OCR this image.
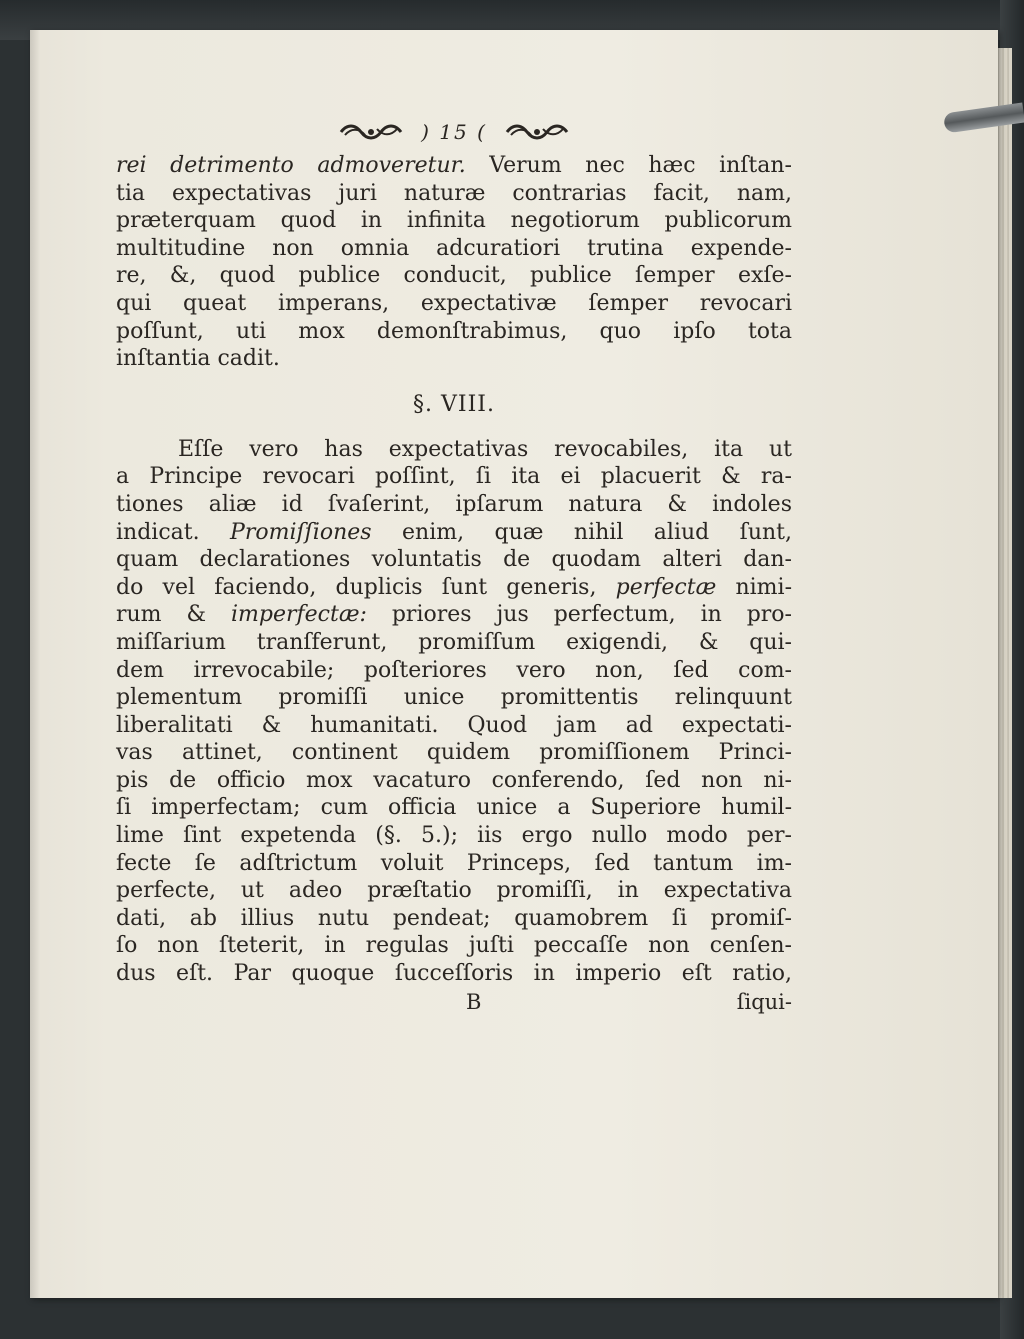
) 15 (
rei detrimento admoveretur. Verum nec hæc inſtan-
tia expectativas juri naturæ contrarias facit, nam,
præterquam quod in infinita negotiorum publicorum
multitudine non omnia adcuratiori trutina expende-
re, &, quod publice conducit, publice ſemper exſe-
qui queat imperans, expectativæ ſemper revocari
poſſunt, uti mox demonſtrabimus, quo ipſo tota
inſtantia cadit.
§. VIII.
Eſſe vero has expectativas revocabiles, ita ut
a Principe revocari poſſint, ſi ita ei placuerit & ra-
tiones aliæ id ſvaſerint, ipſarum natura & indoles
indicat. Promiſſiones enim, quæ nihil aliud ſunt,
quam declarationes voluntatis de quodam alteri dan-
do vel faciendo, duplicis ſunt generis, perfectæ nimi-
rum & imperfectæ: priores jus perfectum, in pro-
miſſarium tranſferunt, promiſſum exigendi, & qui-
dem irrevocabile; poſteriores vero non, ſed com-
plementum promiſſi unice promittentis relinquunt
liberalitati & humanitati. Quod jam ad expectati-
vas attinet, continent quidem promiſſionem Princi-
pis de officio mox vacaturo conferendo, ſed non ni-
ſi imperfectam; cum officia unice a Superiore humil-
lime ſint expetenda (§. 5.); iis ergo nullo modo per-
fecte ſe adſtrictum voluit Princeps, ſed tantum im-
perfecte, ut adeo præſtatio promiſſi, in expectativa
dati, ab illius nutu pendeat; quamobrem ſi promiſ-
ſo non ſteterit, in regulas juſti peccaſſe non cenſen-
dus eſt. Par quoque ſucceſſoris in imperio eſt ratio,
B	ſiqui-
